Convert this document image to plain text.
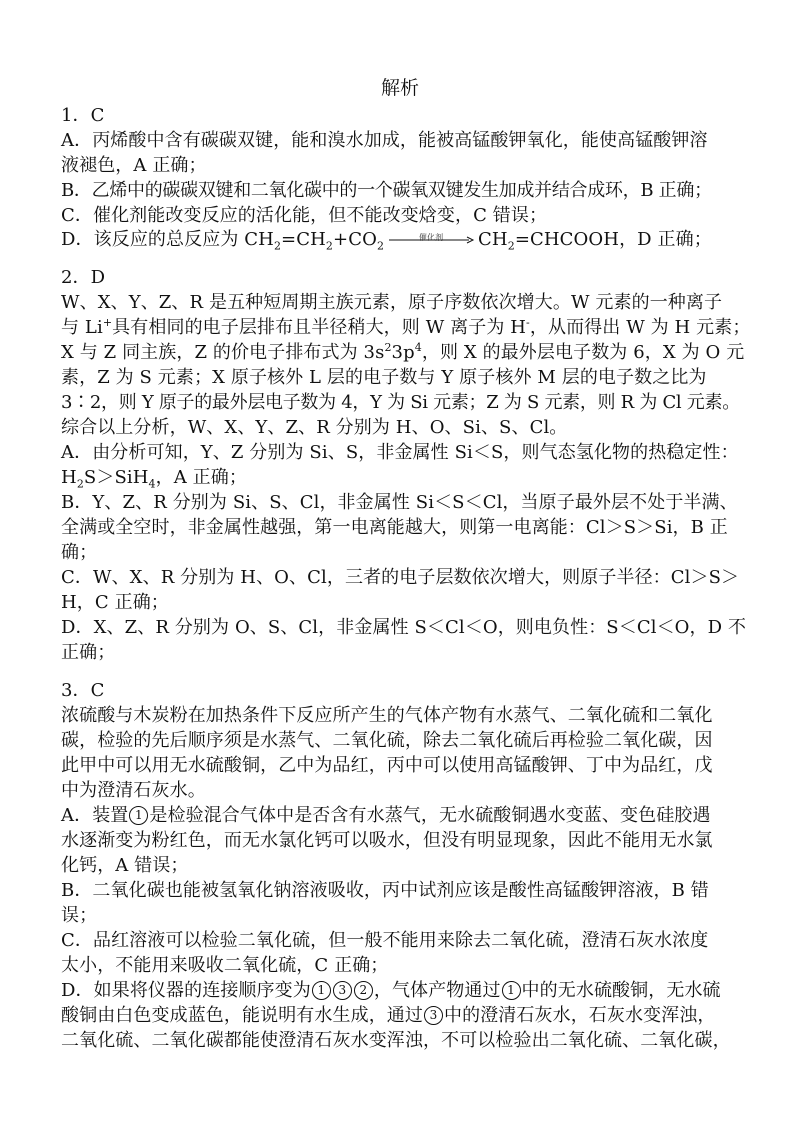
解析
1．C
A．丙烯酸中含有碳碳双键，能和溴水加成，能被高锰酸钾氧化，能使高锰酸钾溶
液褪色，A 正确；
B．乙烯中的碳碳双键和二氧化碳中的一个碳氧双键发生加成并结合成环，B 正确；
C．催化剂能改变反应的活化能，但不能改变焓变，C 错误；
D．该反应的总反应为 $CH_2=CH_2+CO_2$
催化剂	$CH_2=CHCOOH$，D 正确；
2．D
W、X、Y、Z、R 是五种短周期主族元素，原子序数依次增大。W 元素的一种离子
与 Li+具有相同的电子层排布且半径稍大，则 W 离子为 H-，从而得出 W 为 H 元素；
X 与 Z 同主族，Z 的价电子排布式为 $3s^23p^4$，则 X 的最外层电子数为 6，X 为 O 元
素，Z 为 S 元素；X 原子核外 L 层的电子数与 Y 原子核外 M 层的电子数之比为
3∶2，则 Y 原子的最外层电子数为 4，Y 为 Si 元素；Z 为 S 元素，则 R 为 Cl 元素。
综合以上分析，W、X、Y、Z、R 分别为 H、O、Si、S、Cl。
A．由分析可知，Y、Z 分别为 Si、S，非金属性 Si＜S，则气态氢化物的热稳定性：
$H_2S>SiH_4$，A 正确；
B．Y、Z、R 分别为 Si、S、Cl，非金属性 Si＜S＜Cl，当原子最外层不处于半满、
全满或全空时，非金属性越强，第一电离能越大，则第一电离能：Cl＞S＞Si，B 正
确；
C．W、X、R 分别为 H、O、Cl，三者的电子层数依次增大，则原子半径：Cl＞S＞
H，C 正确；
D．X、Z、R 分别为 O、S、Cl，非金属性 S＜Cl＜O，则电负性：S＜Cl＜O，D 不
正确；
3．C
浓硫酸与木炭粉在加热条件下反应所产生的气体产物有水蒸气、二氧化硫和二氧化
碳，检验的先后顺序须是水蒸气、二氧化硫，除去二氧化硫后再检验二氧化碳，因
此甲中可以用无水硫酸铜，乙中为品红，丙中可以使用高锰酸钾、丁中为品红，戊
中为澄清石灰水。
A．装置 1 是检验混合气体中是否含有水蒸气，无水硫酸铜遇水变蓝、变色硅胶遇
水逐渐变为粉红色，而无水氯化钙可以吸水，但没有明显现象，因此不能用无水氯
化钙，A 错误；
B．二氧化碳也能被氢氧化钠溶液吸收，丙中试剂应该是酸性高锰酸钾溶液，B 错
误；
C．品红溶液可以检验二氧化硫，但一般不能用来除去二氧化硫，澄清石灰水浓度
太小，不能用来吸收二氧化硫，C 正确；
D．如果将仪器的连接顺序变为 1 3 2 ，气体产物通过 1 中的无水硫酸铜，无水硫
酸铜由白色变成蓝色，能说明有水生成，通过 3 中的澄清石灰水，石灰水变浑浊，
二氧化硫、二氧化碳都能使澄清石灰水变浑浊，不可以检验出二氧化硫、二氧化碳，
